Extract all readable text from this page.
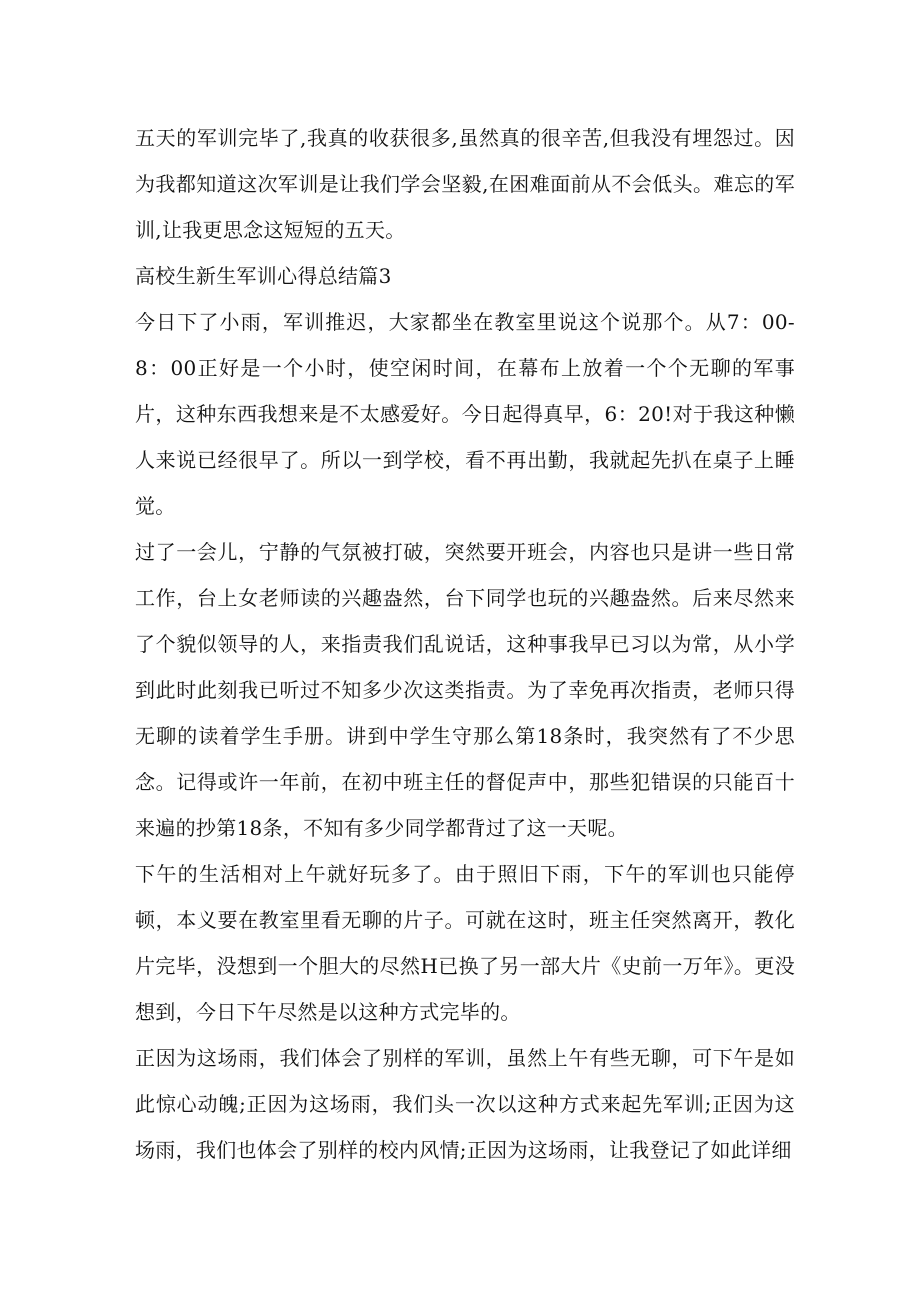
五天的军训完毕了,我真的收获很多,虽然真的很辛苦,但我没有埋怨过。因为我都知道这次军训是让我们学会坚毅,在困难面前从不会低头。难忘的军训,让我更思念这短短的五天。

高校生新生军训心得总结篇3

今日下了小雨，军训推迟，大家都坐在教室里说这个说那个。从7：00-8：00正好是一个小时，使空闲时间，在幕布上放着一个个无聊的军事片，这种东西我想来是不太感爱好。今日起得真早，6：20!对于我这种懒人来说已经很早了。所以一到学校，看不再出勤，我就起先扒在桌子上睡觉。

过了一会儿，宁静的气氛被打破，突然要开班会，内容也只是讲一些日常工作，台上女老师读的兴趣盎然，台下同学也玩的兴趣盎然。后来尽然来了个貌似领导的人，来指责我们乱说话，这种事我早已习以为常，从小学到此时此刻我已听过不知多少次这类指责。为了幸免再次指责，老师只得无聊的读着学生手册。讲到中学生守那么第18条时，我突然有了不少思念。记得或许一年前，在初中班主任的督促声中，那些犯错误的只能百十来遍的抄第18条，不知有多少同学都背过了这一天呢。

下午的生活相对上午就好玩多了。由于照旧下雨，下午的军训也只能停顿，本义要在教室里看无聊的片子。可就在这时，班主任突然离开，教化片完毕，没想到一个胆大的尽然H已换了另一部大片《史前一万年》。更没想到，今日下午尽然是以这种方式完毕的。

正因为这场雨，我们体会了别样的军训，虽然上午有些无聊，可下午是如此惊心动魄;正因为这场雨，我们头一次以这种方式来起先军训;正因为这场雨，我们也体会了别样的校内风情;正因为这场雨，让我登记了如此详细
